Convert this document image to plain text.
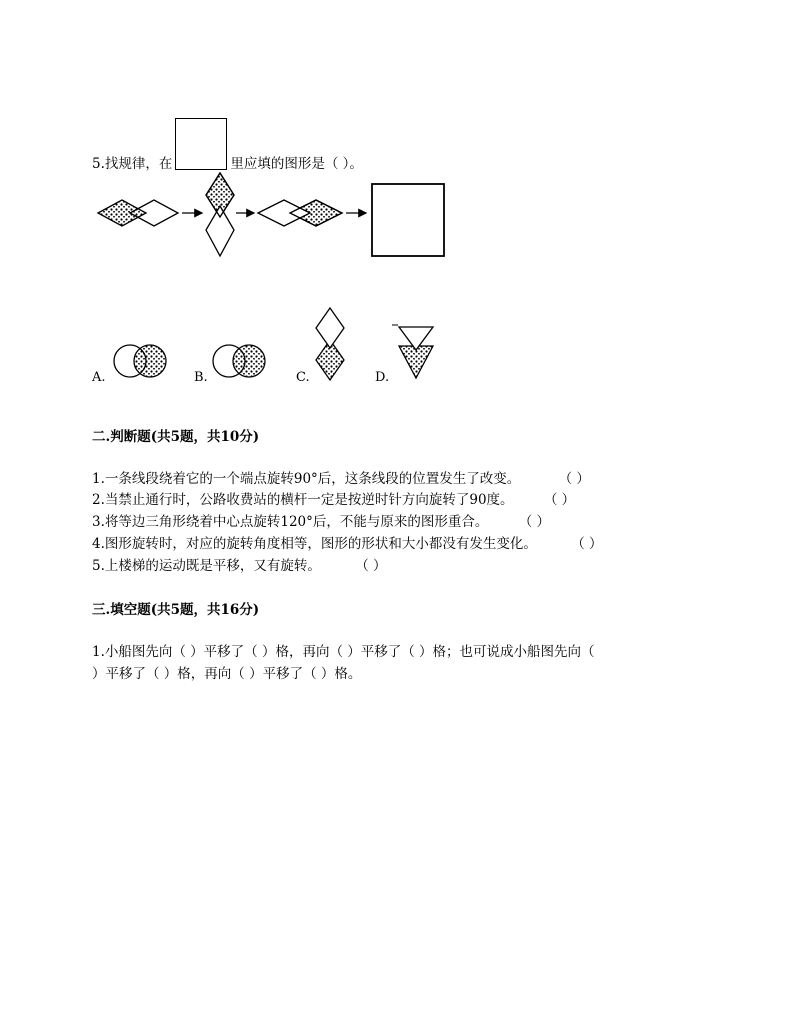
5.找规律，在	里应填的图形是（ ）。
A.	B.	C.	D.
二.判断题(共5题，共10分)
1.一条线段绕着它的一个端点旋转90°后，这条线段的位置发生了改变。	（ ）
2.当禁止通行时，公路收费站的横杆一定是按逆时针方向旋转了90度。 （ ）
3.将等边三角形绕着中心点旋转120°后，不能与原来的图形重合。 （ ）
4.图形旋转时，对应的旋转角度相等，图形的形状和大小都没有发生变化。	（ ）
5.上楼梯的运动既是平移，又有旋转。	（ ）
三.填空题(共5题，共16分)
1.小船图先向（ ）平移了（ ）格，再向（ ）平移了（ ）格；也可说成小船图先向（
）平移了（ ）格，再向（ ）平移了（ ）格。
